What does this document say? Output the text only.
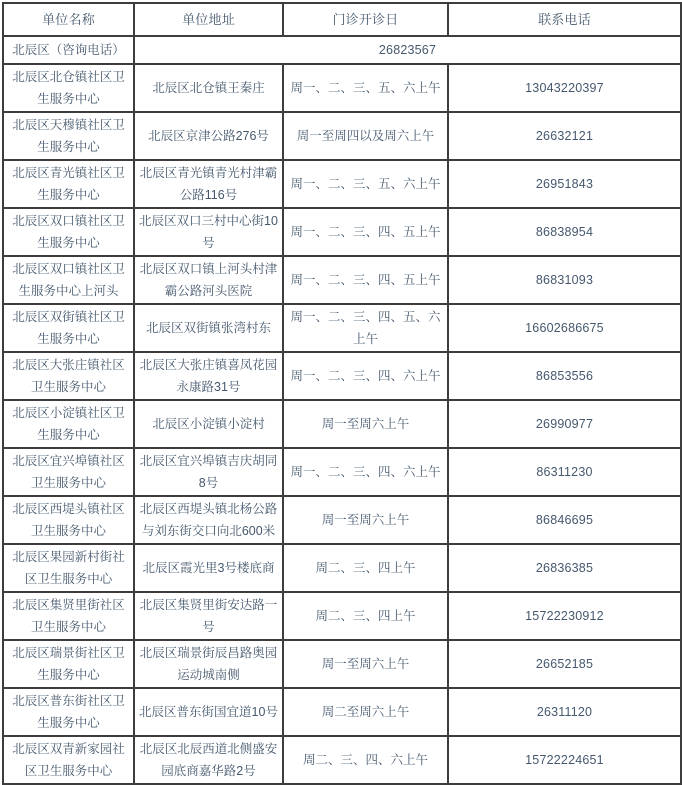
单位名称	单位地址	门诊开诊日	联系电话
北辰区（咨询电话）	26823567		
北辰区北仓镇社区卫生服务中心	北辰区北仓镇王秦庄	周一、二、三、五、六上午	13043220397
北辰区天穆镇社区卫生服务中心	北辰区京津公路276号	周一至周四以及周六上午	26632121
北辰区青光镇社区卫生服务中心	北辰区青光镇青光村津霸公路116号	周一、二、三、五、六上午	26951843
北辰区双口镇社区卫生服务中心	北辰区双口三村中心街10号	周一、二、三、四、五上午	86838954
北辰区双口镇社区卫生服务中心上河头	北辰区双口镇上河头村津霸公路河头医院	周一、二、三、四、五上午	86831093
北辰区双街镇社区卫生服务中心	北辰区双街镇张湾村东	周一、二、三、四、五、六上午	16602686675
北辰区大张庄镇社区卫生服务中心	北辰区大张庄镇喜凤花园永康路31号	周一、二、三、四、六上午	86853556
北辰区小淀镇社区卫生服务中心	北辰区小淀镇小淀村	周一至周六上午	26990977
北辰区宜兴埠镇社区卫生服务中心	北辰区宜兴埠镇吉庆胡同8号	周一、二、三、四、六上午	86311230
北辰区西堤头镇社区卫生服务中心	北辰区西堤头镇北杨公路与刘东街交口向北600米	周一至周六上午	86846695
北辰区果园新村街社区卫生服务中心	北辰区霞光里3号楼底商	周二、三、四上午	26836385
北辰区集贤里街社区卫生服务中心	北辰区集贤里街安达路一号	周二、三、四上午	15722230912
北辰区瑞景街社区卫生服务中心	北辰区瑞景街辰昌路奥园运动城南侧	周一至周六上午	26652185
北辰区普东街社区卫生服务中心	北辰区普东街国宜道10号	周二至周六上午	26311120
北辰区双青新家园社区卫生服务中心	北辰区北辰西道北侧盛安园底商嘉华路2号	周二、三、四、六上午	15722224651
